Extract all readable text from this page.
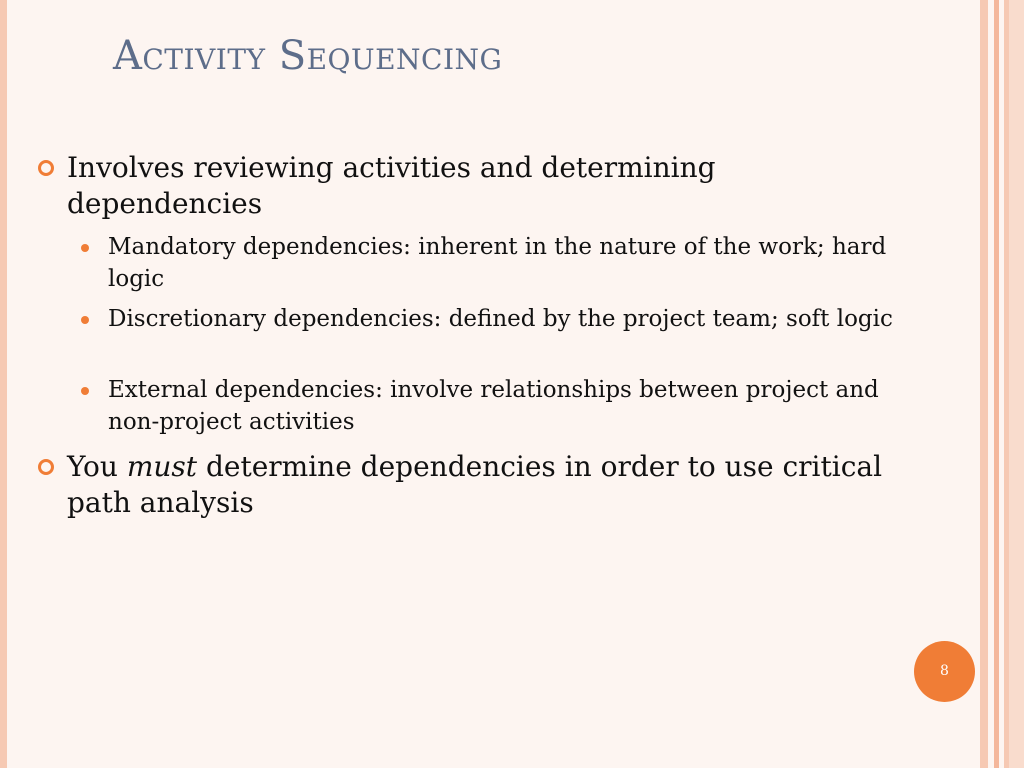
Activity Sequencing
Involves reviewing activities and determining dependencies
Mandatory dependencies: inherent in the nature of the work; hard logic
Discretionary dependencies: defined by the project team; soft logic
External dependencies: involve relationships between project and non-project activities
You must determine dependencies in order to use critical path analysis
8
